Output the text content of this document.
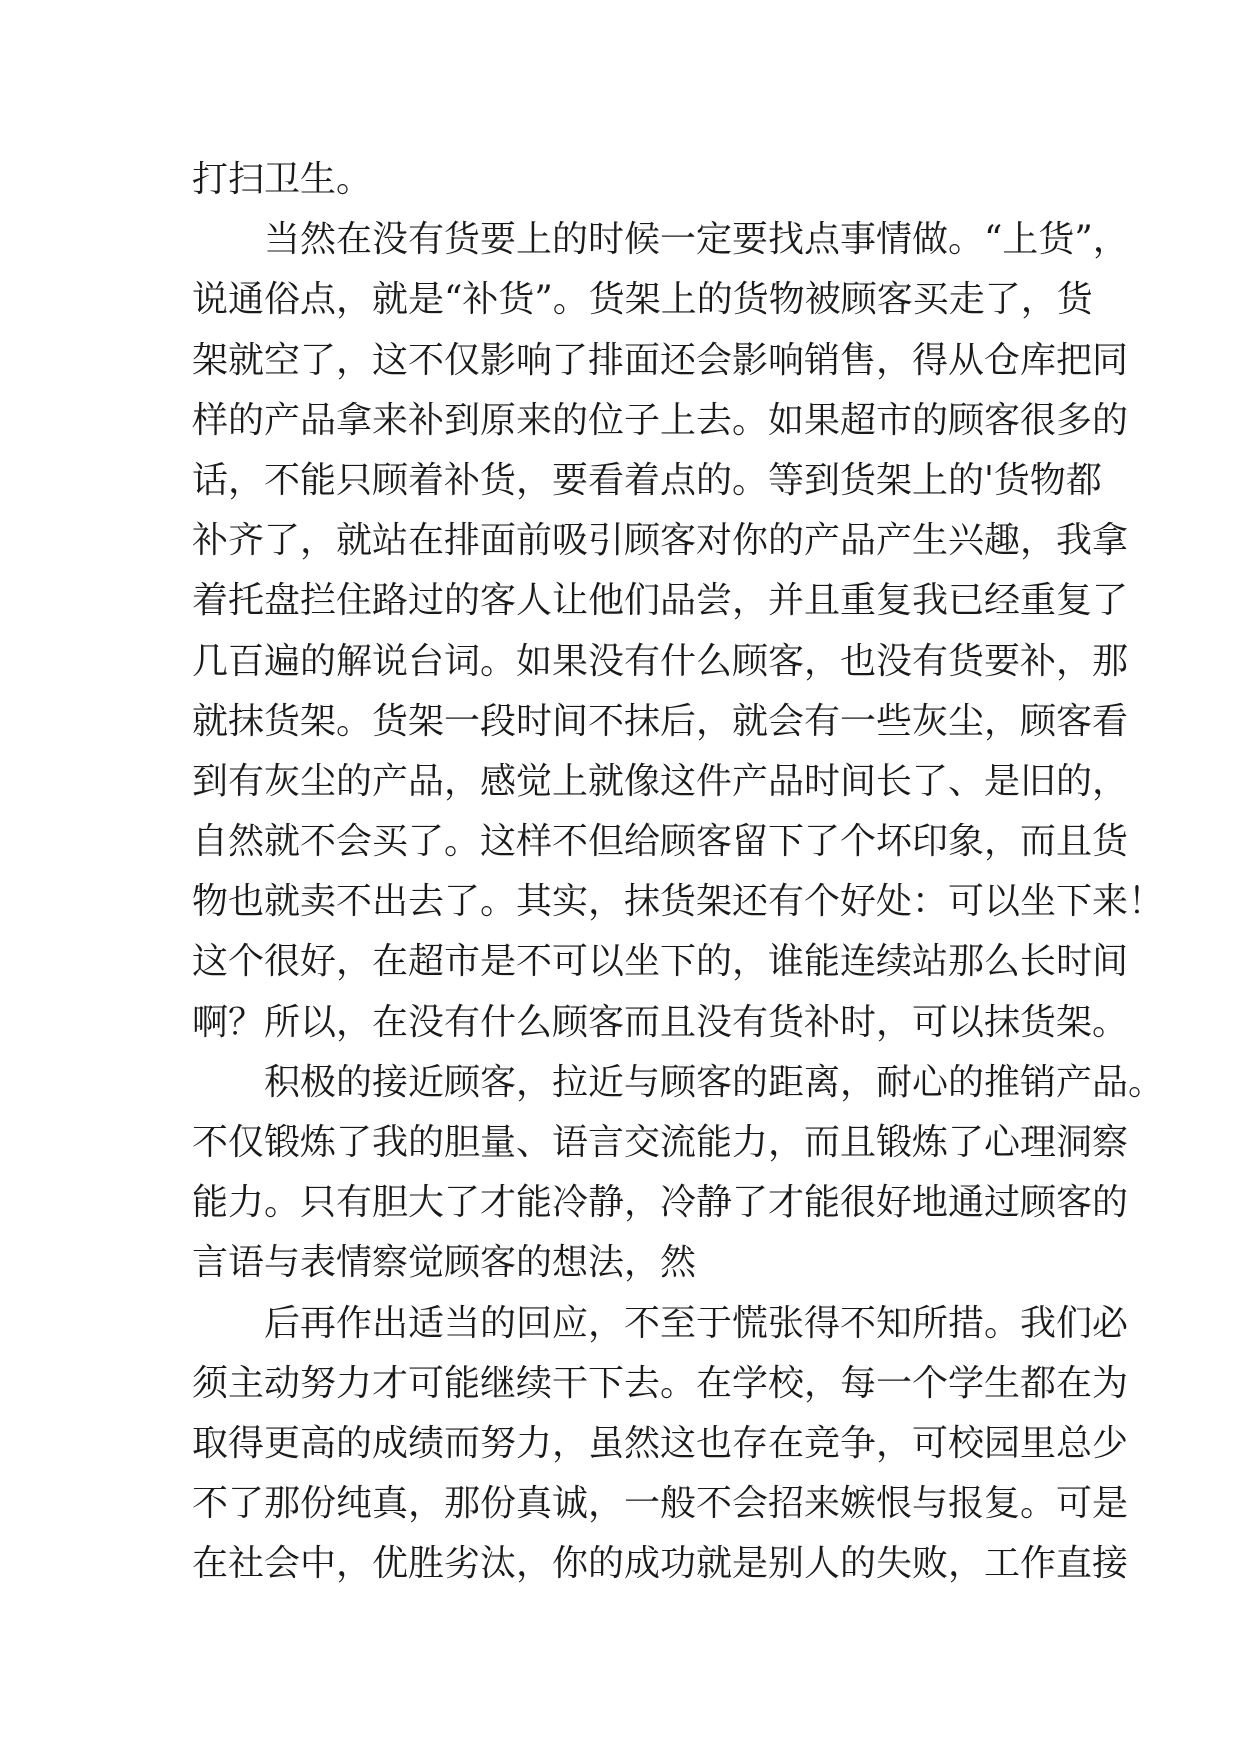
打扫卫生。
当然在没有货要上的时候一定要找点事情做。“上货”，
说通俗点，就是“补货”。货架上的货物被顾客买走了，货
架就空了，这不仅影响了排面还会影响销售，得从仓库把同
样的产品拿来补到原来的位子上去。如果超市的顾客很多的
话，不能只顾着补货，要看着点的。等到货架上的'货物都
补齐了，就站在排面前吸引顾客对你的产品产生兴趣，我拿
着托盘拦住路过的客人让他们品尝，并且重复我已经重复了
几百遍的解说台词。如果没有什么顾客，也没有货要补，那
就抹货架。货架一段时间不抹后，就会有一些灰尘，顾客看
到有灰尘的产品，感觉上就像这件产品时间长了、是旧的，
自然就不会买了。这样不但给顾客留下了个坏印象，而且货
物也就卖不出去了。其实，抹货架还有个好处：可以坐下来！
这个很好，在超市是不可以坐下的，谁能连续站那么长时间
啊？所以，在没有什么顾客而且没有货补时，可以抹货架。
积极的接近顾客，拉近与顾客的距离，耐心的推销产品。
不仅锻炼了我的胆量、语言交流能力，而且锻炼了心理洞察
能力。只有胆大了才能冷静，冷静了才能很好地通过顾客的
言语与表情察觉顾客的想法，然
后再作出适当的回应，不至于慌张得不知所措。我们必
须主动努力才可能继续干下去。在学校，每一个学生都在为
取得更高的成绩而努力，虽然这也存在竞争，可校园里总少
不了那份纯真，那份真诚，一般不会招来嫉恨与报复。可是
在社会中，优胜劣汰，你的成功就是别人的失败，工作直接
